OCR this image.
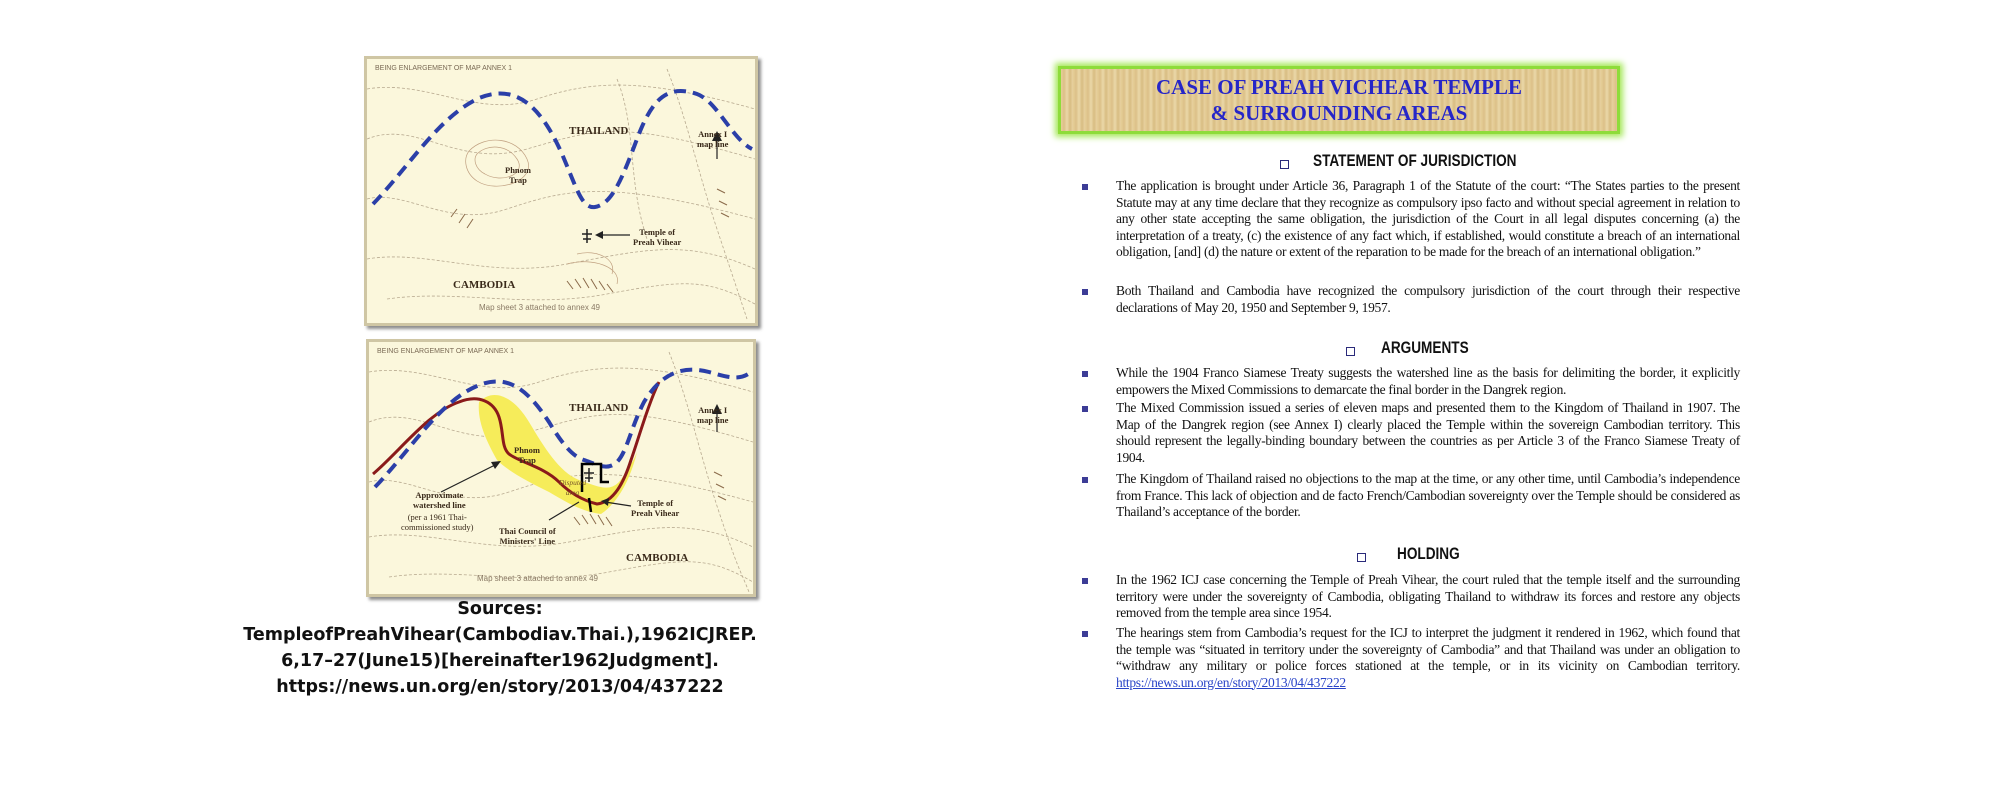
BEING ENLARGEMENT OF MAP ANNEX 1
THAILAND
CAMBODIA
Phnom
Trap
Annex I
map line
Temple of
Preah Vihear
Map sheet 3 attached to annex 49
BEING ENLARGEMENT OF MAP ANNEX 1
THAILAND
CAMBODIA
Phnom
Trap
Annex I
map line
Temple of
Preah Vihear
Approximate
watershed line
(per a 1961 Thai-
commissioned study)	Thai Council of
Ministers' Line
Disputed
area
Map sheet 3 attached to annex 49
Sources:
TempleofPreahVihear(Cambodiav.Thai.),1962ICJREP.
6,17–27(June15)[hereinafter1962Judgment].
https://news.un.org/en/story/2013/04/437222
CASE OF PREAH VICHEAR TEMPLE
& SURROUNDING AREAS
STATEMENT OF JURISDICTION
The application is brought under Article 36, Paragraph 1 of the Statute of the court: “The States parties to the present Statute may at any time declare that they recognize as compulsory ipso facto and without special agreement in relation to any other state accepting the same obligation, the jurisdiction of the Court in all legal disputes concerning (a) the interpretation of a treaty, (c) the existence of any fact which, if established, would constitute a breach of an international obligation, [and] (d) the nature or extent of the reparation to be made for the breach of an international obligation.”
Both Thailand and Cambodia have recognized the compulsory jurisdiction of the court through their respective declarations of May 20, 1950 and September 9, 1957.
ARGUMENTS
While the 1904 Franco Siamese Treaty suggests the watershed line as the basis for delimiting the border, it explicitly empowers the Mixed Commissions to demarcate the final border in the Dangrek region.
The Mixed Commission issued a series of eleven maps and presented them to the Kingdom of Thailand in 1907. The Map of the Dangrek region (see Annex I) clearly placed the Temple within the sovereign Cambodian territory. This should represent the legally-binding boundary between the countries as per Article 3 of the Franco Siamese Treaty of 1904.
The Kingdom of Thailand raised no objections to the map at the time, or any other time, until Cambodia’s independence from France. This lack of objection and de facto French/Cambodian sovereignty over the Temple should be considered as Thailand’s acceptance of the border.
HOLDING
In the 1962 ICJ case concerning the Temple of Preah Vihear, the court ruled that the temple itself and the surrounding territory were under the sovereignty of Cambodia, obligating Thailand to withdraw its forces and restore any objects removed from the temple area since 1954.
The hearings stem from Cambodia’s request for the ICJ to interpret the judgment it rendered in 1962, which found that the temple was “situated in territory under the sovereignty of Cambodia” and that Thailand was under an obligation to “withdraw any military or police forces stationed at the temple, or in its vicinity on Cambodian territory. https://news.un.org/en/story/2013/04/437222
